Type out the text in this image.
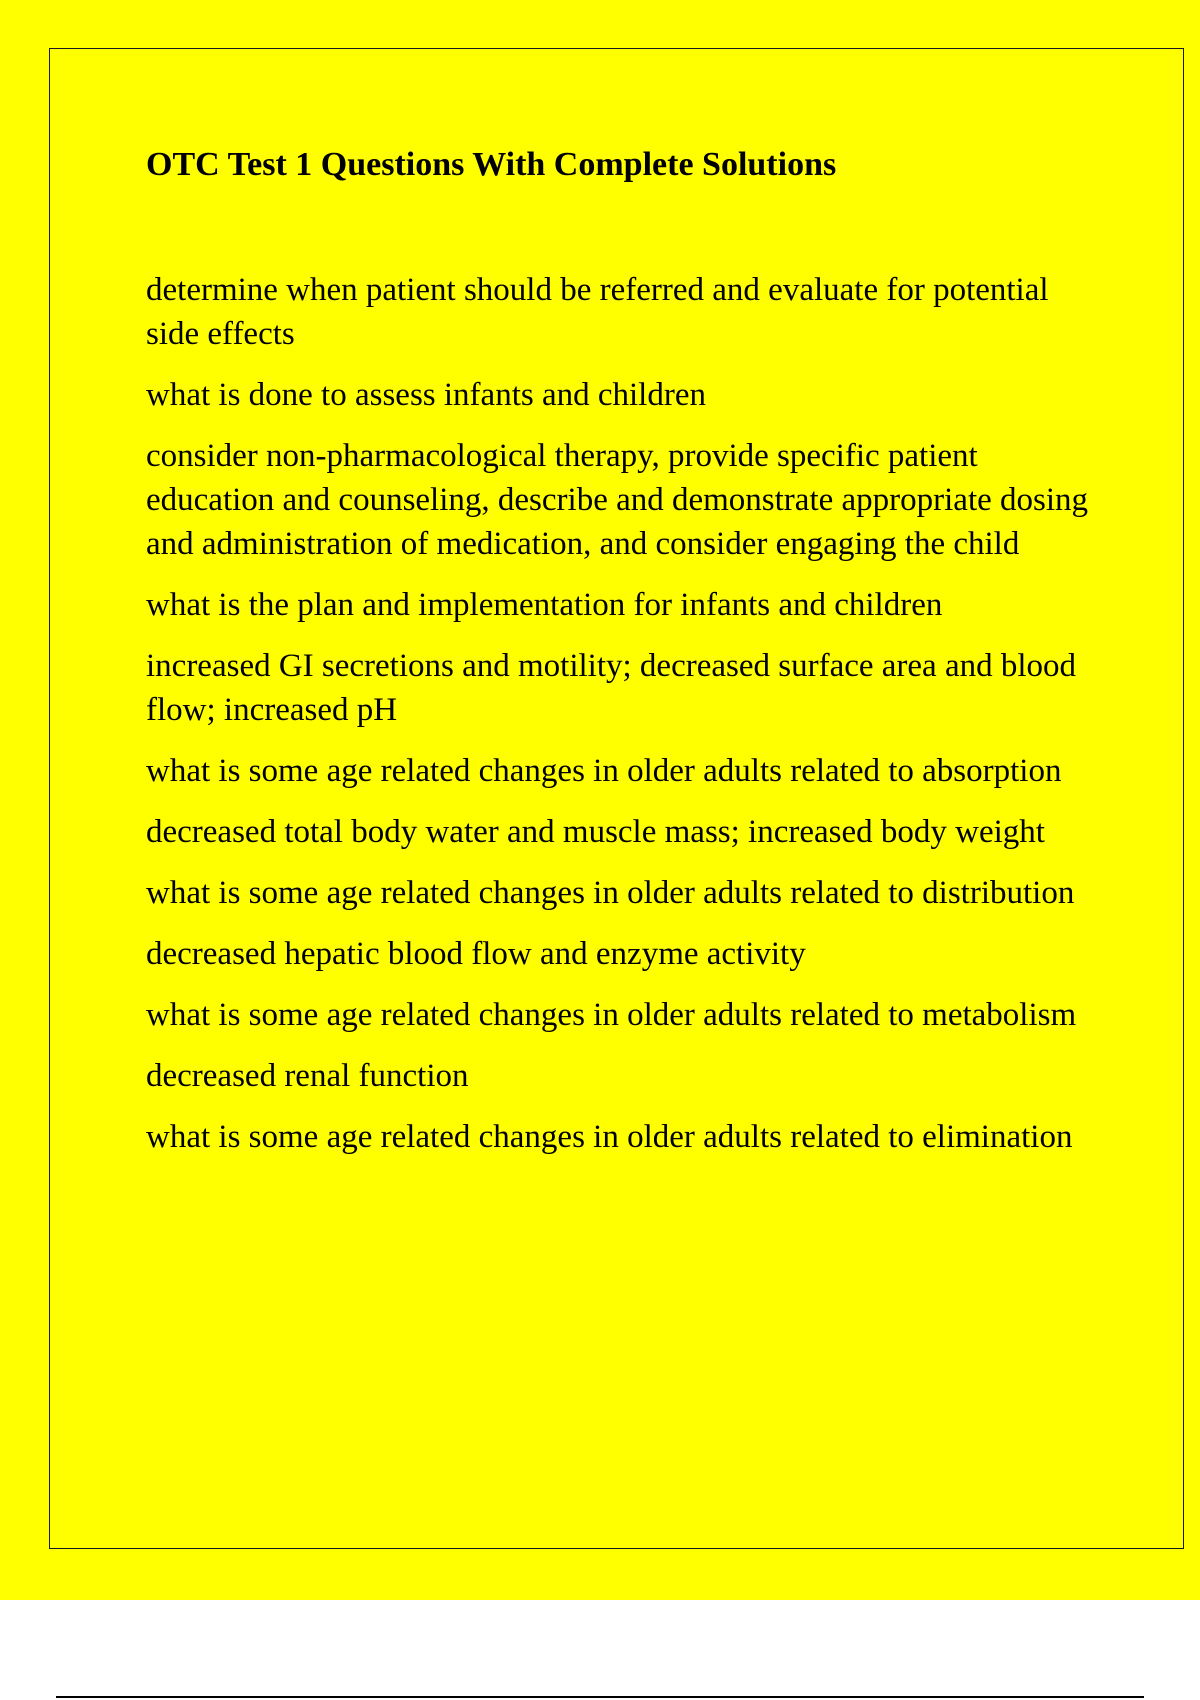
OTC Test 1 Questions With Complete Solutions

determine when patient should be referred and evaluate for potential side effects

what is done to assess infants and children

consider non-pharmacological therapy, provide specific patient education and counseling, describe and demonstrate appropriate dosing and administration of medication, and consider engaging the child

what is the plan and implementation for infants and children

increased GI secretions and motility; decreased surface area and blood flow; increased pH

what is some age related changes in older adults related to absorption

decreased total body water and muscle mass; increased body weight

what is some age related changes in older adults related to distribution

decreased hepatic blood flow and enzyme activity

what is some age related changes in older adults related to metabolism

decreased renal function

what is some age related changes in older adults related to elimination
